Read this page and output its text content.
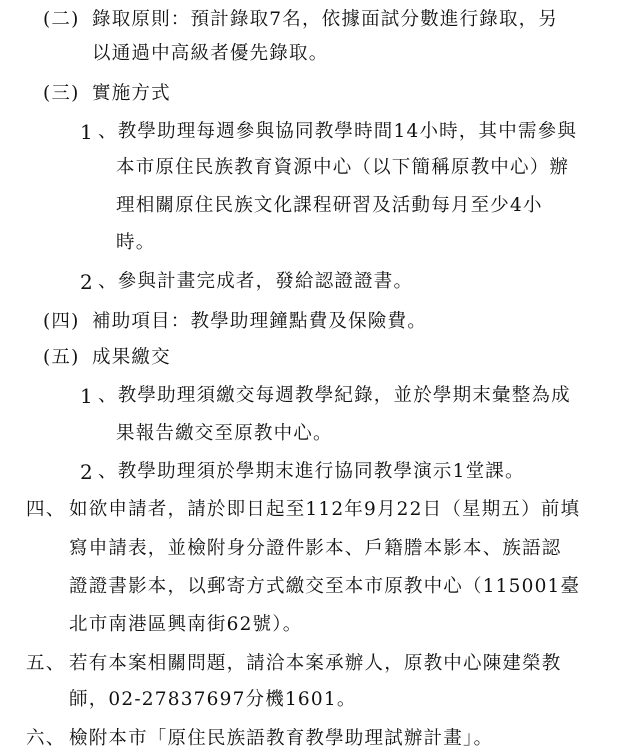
(二) 錄取原則：預計錄取7名，依據面試分數進行錄取，另
以通過中高級者優先錄取。
(三) 實施方式
1 、教學助理每週參與協同教學時間14小時，其中需參與
本市原住民族教育資源中心（以下簡稱原教中心）辦
理相關原住民族文化課程研習及活動每月至少4小
時。
2 、參與計畫完成者，發給認證證書。
(四) 補助項目：教學助理鐘點費及保險費。
(五) 成果繳交
1 、教學助理須繳交每週教學紀錄，並於學期末彙整為成
果報告繳交至原教中心。
2 、教學助理須於學期末進行協同教學演示1堂課。
四、 如欲申請者，請於即日起至112年9月22日（星期五）前填
寫申請表，並檢附身分證件影本、戶籍謄本影本、族語認
證證書影本，以郵寄方式繳交至本市原教中心（115001臺
北市南港區興南街62號）。
五、 若有本案相關問題，請洽本案承辦人，原教中心陳建榮教
師，02-27837697分機1601。
六、 檢附本市「原住民族語教育教學助理試辦計畫」。
